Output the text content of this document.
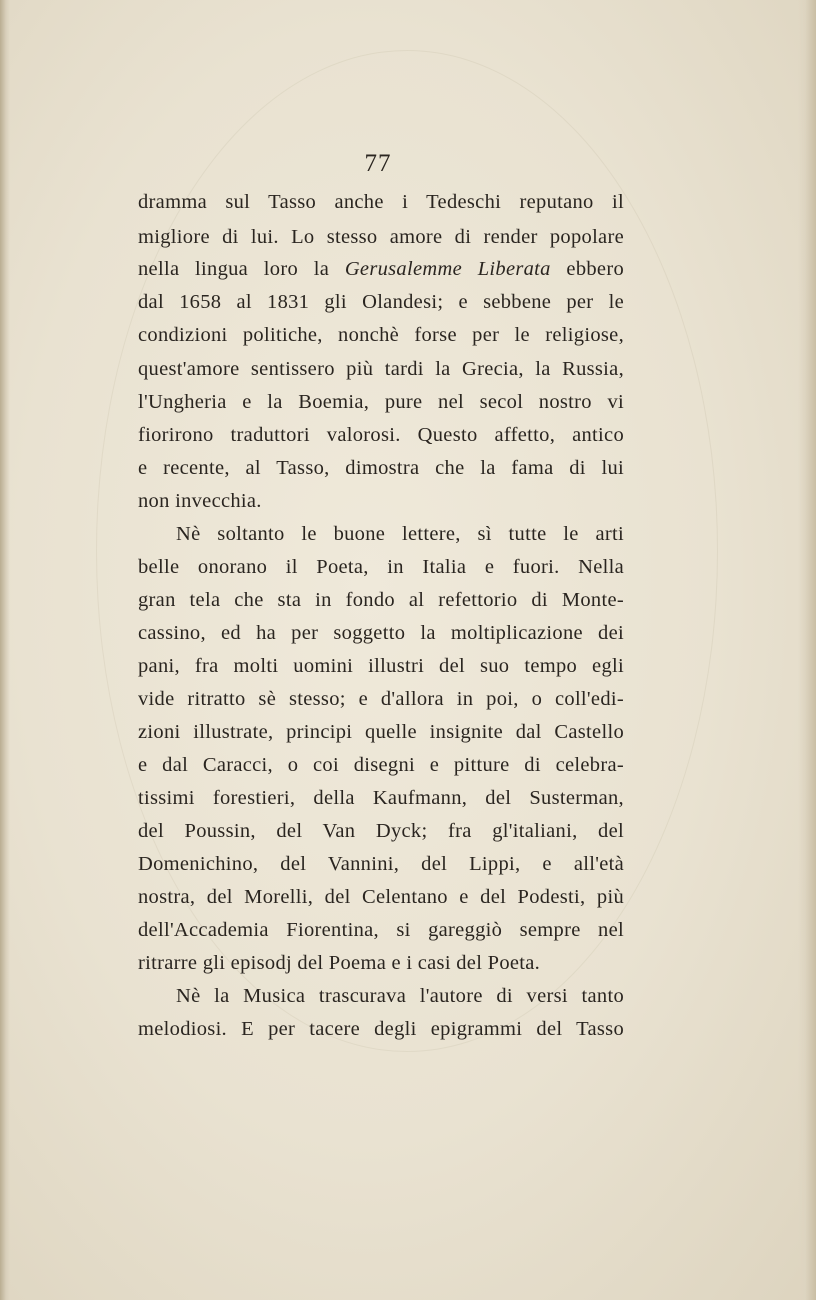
77
dramma sul Tasso anche i Tedeschi reputano il
migliore di lui. Lo stesso amore di render popolare
nella lingua loro la Gerusalemme Liberata ebbero
dal 1658 al 1831 gli Olandesi; e sebbene per le
condizioni politiche, nonchè forse per le religiose,
quest'amore sentissero più tardi la Grecia, la Russia,
l'Ungheria e la Boemia, pure nel secol nostro vi
fiorirono traduttori valorosi. Questo affetto, antico
e recente, al Tasso, dimostra che la fama di lui
non invecchia.
Nè soltanto le buone lettere, sì tutte le arti
belle onorano il Poeta, in Italia e fuori. Nella
gran tela che sta in fondo al refettorio di Monte-
cassino, ed ha per soggetto la moltiplicazione dei
pani, fra molti uomini illustri del suo tempo egli
vide ritratto sè stesso; e d'allora in poi, o coll'edi-
zioni illustrate, principi quelle insignite dal Castello
e dal Caracci, o coi disegni e pitture di celebra-
tissimi forestieri, della Kaufmann, del Susterman,
del Poussin, del Van Dyck; fra gl'italiani, del
Domenichino, del Vannini, del Lippi, e all'età
nostra, del Morelli, del Celentano e del Podesti, più
dell'Accademia Fiorentina, si gareggiò sempre nel
ritrarre gli episodj del Poema e i casi del Poeta.
Nè la Musica trascurava l'autore di versi tanto
melodiosi. E per tacere degli epigrammi del Tasso
